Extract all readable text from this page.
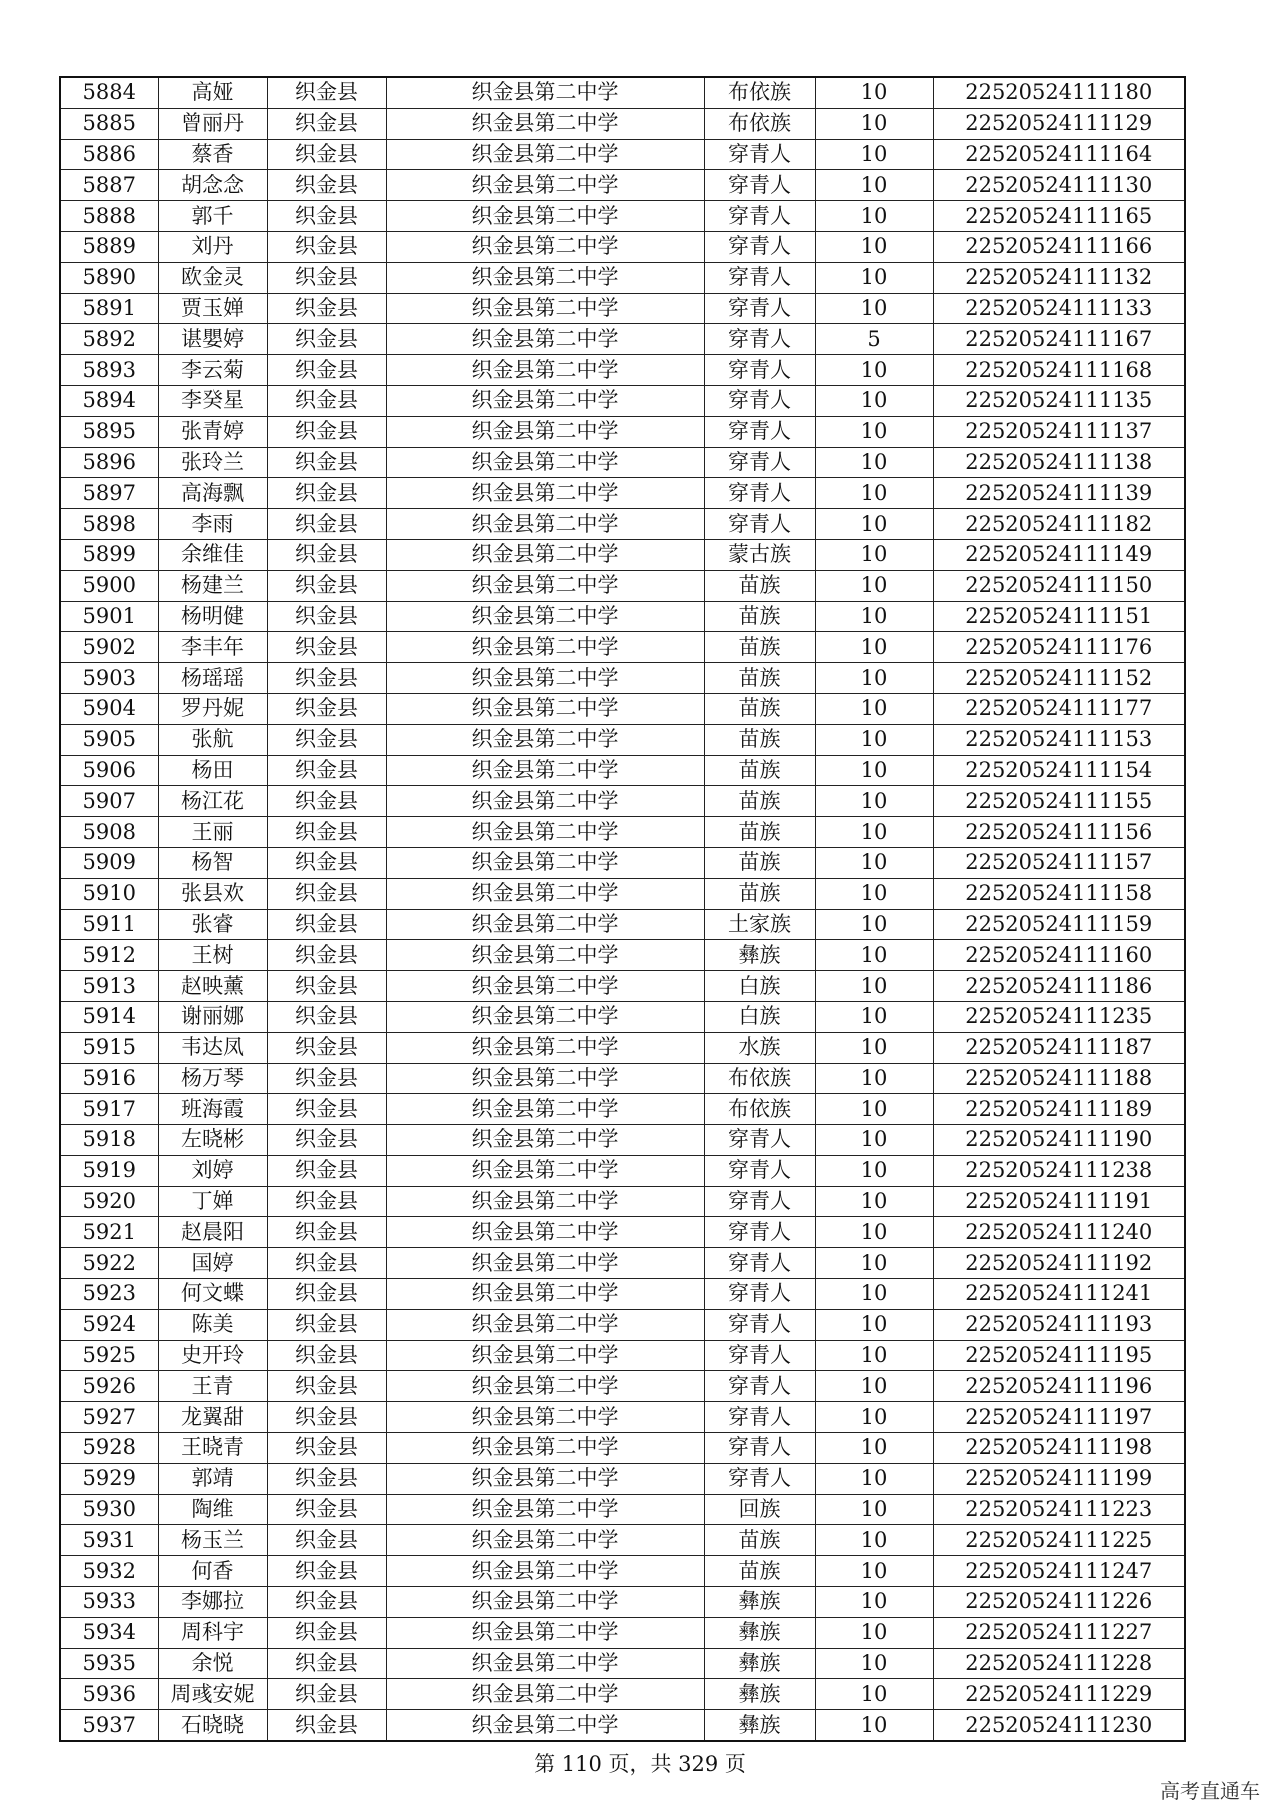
5884	高娅	织金县	织金县第二中学	布依族	10	22520524111180
5885	曾丽丹	织金县	织金县第二中学	布依族	10	22520524111129
5886	蔡香	织金县	织金县第二中学	穿青人	10	22520524111164
5887	胡念念	织金县	织金县第二中学	穿青人	10	22520524111130
5888	郭千	织金县	织金县第二中学	穿青人	10	22520524111165
5889	刘丹	织金县	织金县第二中学	穿青人	10	22520524111166
5890	欧金灵	织金县	织金县第二中学	穿青人	10	22520524111132
5891	贾玉婵	织金县	织金县第二中学	穿青人	10	22520524111133
5892	谌嬰婷	织金县	织金县第二中学	穿青人	5	22520524111167
5893	李云菊	织金县	织金县第二中学	穿青人	10	22520524111168
5894	李癸星	织金县	织金县第二中学	穿青人	10	22520524111135
5895	张青婷	织金县	织金县第二中学	穿青人	10	22520524111137
5896	张玲兰	织金县	织金县第二中学	穿青人	10	22520524111138
5897	高海飘	织金县	织金县第二中学	穿青人	10	22520524111139
5898	李雨	织金县	织金县第二中学	穿青人	10	22520524111182
5899	余维佳	织金县	织金县第二中学	蒙古族	10	22520524111149
5900	杨建兰	织金县	织金县第二中学	苗族	10	22520524111150
5901	杨明健	织金县	织金县第二中学	苗族	10	22520524111151
5902	李丰年	织金县	织金县第二中学	苗族	10	22520524111176
5903	杨瑶瑶	织金县	织金县第二中学	苗族	10	22520524111152
5904	罗丹妮	织金县	织金县第二中学	苗族	10	22520524111177
5905	张航	织金县	织金县第二中学	苗族	10	22520524111153
5906	杨田	织金县	织金县第二中学	苗族	10	22520524111154
5907	杨江花	织金县	织金县第二中学	苗族	10	22520524111155
5908	王丽	织金县	织金县第二中学	苗族	10	22520524111156
5909	杨智	织金县	织金县第二中学	苗族	10	22520524111157
5910	张县欢	织金县	织金县第二中学	苗族	10	22520524111158
5911	张睿	织金县	织金县第二中学	土家族	10	22520524111159
5912	王树	织金县	织金县第二中学	彝族	10	22520524111160
5913	赵映薰	织金县	织金县第二中学	白族	10	22520524111186
5914	谢丽娜	织金县	织金县第二中学	白族	10	22520524111235
5915	韦达凤	织金县	织金县第二中学	水族	10	22520524111187
5916	杨万琴	织金县	织金县第二中学	布依族	10	22520524111188
5917	班海霞	织金县	织金县第二中学	布依族	10	22520524111189
5918	左晓彬	织金县	织金县第二中学	穿青人	10	22520524111190
5919	刘婷	织金县	织金县第二中学	穿青人	10	22520524111238
5920	丁婵	织金县	织金县第二中学	穿青人	10	22520524111191
5921	赵晨阳	织金县	织金县第二中学	穿青人	10	22520524111240
5922	国婷	织金县	织金县第二中学	穿青人	10	22520524111192
5923	何文蝶	织金县	织金县第二中学	穿青人	10	22520524111241
5924	陈美	织金县	织金县第二中学	穿青人	10	22520524111193
5925	史开玲	织金县	织金县第二中学	穿青人	10	22520524111195
5926	王青	织金县	织金县第二中学	穿青人	10	22520524111196
5927	龙翼甜	织金县	织金县第二中学	穿青人	10	22520524111197
5928	王晓青	织金县	织金县第二中学	穿青人	10	22520524111198
5929	郭靖	织金县	织金县第二中学	穿青人	10	22520524111199
5930	陶维	织金县	织金县第二中学	回族	10	22520524111223
5931	杨玉兰	织金县	织金县第二中学	苗族	10	22520524111225
5932	何香	织金县	织金县第二中学	苗族	10	22520524111247
5933	李娜拉	织金县	织金县第二中学	彝族	10	22520524111226
5934	周科宇	织金县	织金县第二中学	彝族	10	22520524111227
5935	余悦	织金县	织金县第二中学	彝族	10	22520524111228
5936	周彧安妮	织金县	织金县第二中学	彝族	10	22520524111229
5937	石晓晓	织金县	织金县第二中学	彝族	10	22520524111230
第 110 页，共 329 页
高考直通车
